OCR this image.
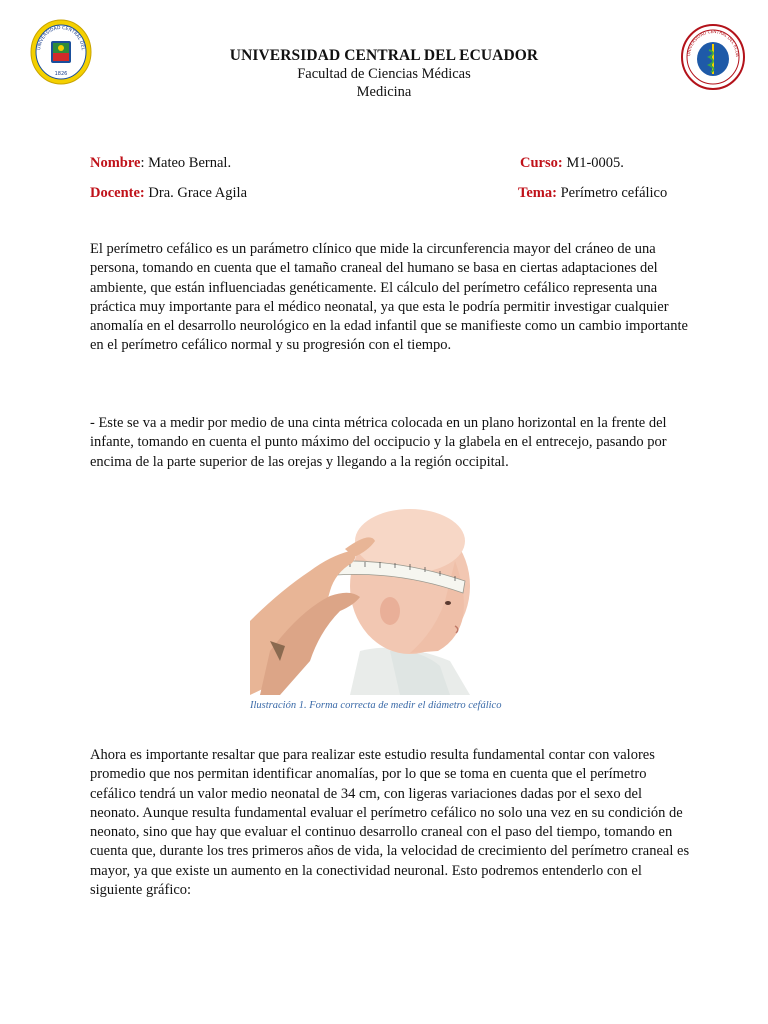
UNIVERSIDAD CENTRAL DEL
1826
UNIVERSIDAD CENTRAL DEL ECUA
UNIVERSIDAD CENTRAL DEL ECUADOR
Facultad de Ciencias Médicas
Medicina
Nombre: Mateo Bernal.	Curso: M1-0005.
Docente: Dra. Grace Agila	Tema: Perímetro cefálico

El perímetro cefálico es un parámetro clínico que mide la circunferencia mayor del cráneo de una persona, tomando en cuenta que el tamaño craneal del humano se basa en ciertas adaptaciones del ambiente, que están influenciadas genéticamente. El cálculo del perímetro cefálico representa una práctica muy importante para el médico neonatal, ya que esta le podría permitir investigar cualquier anomalía en el desarrollo neurológico en la edad infantil que se manifieste como un cambio importante en el perímetro cefálico normal y su progresión con el tiempo.

- Este se va a medir por medio de una cinta métrica colocada en un plano horizontal en la frente del infante, tomando en cuenta el punto máximo del occipucio y la glabela en el entrecejo, pasando por encima de la parte superior de las orejas y llegando a la región occipital.

Ilustración 1. Forma correcta de medir el diámetro cefálico

Ahora es importante resaltar que para realizar este estudio resulta fundamental contar con valores promedio que nos permitan identificar anomalías, por lo que se toma en cuenta que el perímetro cefálico tendrá un valor medio neonatal de 34 cm, con ligeras variaciones dadas por el sexo del neonato. Aunque resulta fundamental evaluar el perímetro cefálico no solo una vez en su condición de neonato, sino que hay que evaluar el continuo desarrollo craneal con el paso del tiempo, tomando en cuenta que, durante los tres primeros años de vida, la velocidad de crecimiento del perímetro craneal es mayor, ya que existe un aumento en la conectividad neuronal. Esto podremos entenderlo con el siguiente gráfico:
